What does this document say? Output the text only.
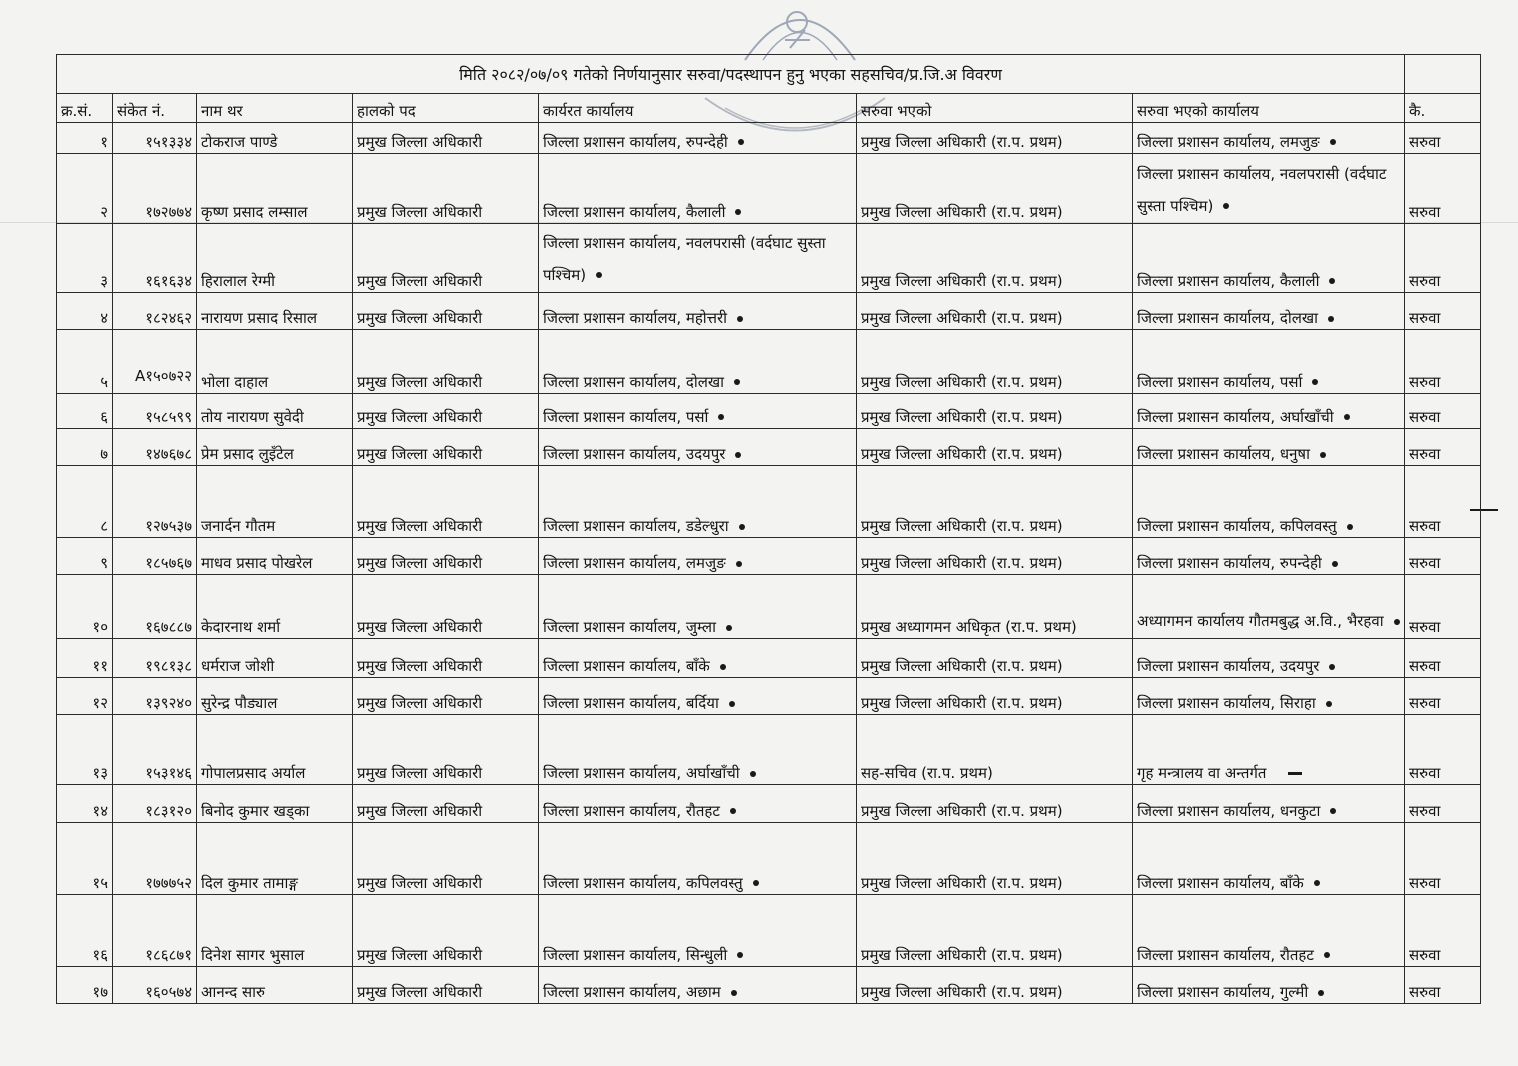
मिति २०८२/०७/०९ गतेको निर्णयानुसार सरुवा/पदस्थापन हुनु भएका सहसचिव/प्र.जि.अ विवरण							
क्र.सं.	संकेत नं.	नाम थर	हालको पद	कार्यरत कार्यालय	सरुवा भएको	सरुवा भएको कार्यालय	कै.
१	१५१३३४	टोकराज पाण्डे	प्रमुख जिल्ला अधिकारी	जिल्ला प्रशासन कार्यालय, रुपन्देही	प्रमुख जिल्ला अधिकारी (रा.प. प्रथम)	जिल्ला प्रशासन कार्यालय, लमजुङ	सरुवा
२	१७२७७४	कृष्ण प्रसाद लम्साल	प्रमुख जिल्ला अधिकारी	जिल्ला प्रशासन कार्यालय, कैलाली	प्रमुख जिल्ला अधिकारी (रा.प. प्रथम)	जिल्ला प्रशासन कार्यालय, नवलपरासी (वर्दघाट सुस्ता पश्चिम)	सरुवा
३	१६१६३४	हिरालाल रेग्मी	प्रमुख जिल्ला अधिकारी	जिल्ला प्रशासन कार्यालय, नवलपरासी (वर्दघाट सुस्ता पश्चिम)	प्रमुख जिल्ला अधिकारी (रा.प. प्रथम)	जिल्ला प्रशासन कार्यालय, कैलाली	सरुवा
४	१८२४६२	नारायण प्रसाद रिसाल	प्रमुख जिल्ला अधिकारी	जिल्ला प्रशासन कार्यालय, महोत्तरी	प्रमुख जिल्ला अधिकारी (रा.प. प्रथम)	जिल्ला प्रशासन कार्यालय, दोलखा	सरुवा
५	A१५०७२२	भोला दाहाल	प्रमुख जिल्ला अधिकारी	जिल्ला प्रशासन कार्यालय, दोलखा	प्रमुख जिल्ला अधिकारी (रा.प. प्रथम)	जिल्ला प्रशासन कार्यालय, पर्सा	सरुवा
६	१५८५९९	तोय नारायण सुवेदी	प्रमुख जिल्ला अधिकारी	जिल्ला प्रशासन कार्यालय, पर्सा	प्रमुख जिल्ला अधिकारी (रा.प. प्रथम)	जिल्ला प्रशासन कार्यालय, अर्घाखाँची	सरुवा
७	१४७६७८	प्रेम प्रसाद लुइँटेल	प्रमुख जिल्ला अधिकारी	जिल्ला प्रशासन कार्यालय, उदयपुर	प्रमुख जिल्ला अधिकारी (रा.प. प्रथम)	जिल्ला प्रशासन कार्यालय, धनुषा	सरुवा
८	१२७५३७	जनार्दन गौतम	प्रमुख जिल्ला अधिकारी	जिल्ला प्रशासन कार्यालय, डडेल्धुरा	प्रमुख जिल्ला अधिकारी (रा.प. प्रथम)	जिल्ला प्रशासन कार्यालय, कपिलवस्तु	सरुवा
९	१८५७६७	माधव प्रसाद पोखरेल	प्रमुख जिल्ला अधिकारी	जिल्ला प्रशासन कार्यालय, लमजुङ	प्रमुख जिल्ला अधिकारी (रा.प. प्रथम)	जिल्ला प्रशासन कार्यालय, रुपन्देही	सरुवा
१०	१६७८८७	केदारनाथ शर्मा	प्रमुख जिल्ला अधिकारी	जिल्ला प्रशासन कार्यालय, जुम्ला	प्रमुख अध्यागमन अधिकृत (रा.प. प्रथम)	अध्यागमन कार्यालय गौतमबुद्ध अ.वि., भैरहवा	सरुवा
११	१९८१३८	धर्मराज जोशी	प्रमुख जिल्ला अधिकारी	जिल्ला प्रशासन कार्यालय, बाँके	प्रमुख जिल्ला अधिकारी (रा.प. प्रथम)	जिल्ला प्रशासन कार्यालय, उदयपुर	सरुवा
१२	१३९२४०	सुरेन्द्र पौड्याल	प्रमुख जिल्ला अधिकारी	जिल्ला प्रशासन कार्यालय, बर्दिया	प्रमुख जिल्ला अधिकारी (रा.प. प्रथम)	जिल्ला प्रशासन कार्यालय, सिराहा	सरुवा
१३	१५३१४६	गोपालप्रसाद अर्याल	प्रमुख जिल्ला अधिकारी	जिल्ला प्रशासन कार्यालय, अर्घाखाँची	सह-सचिव (रा.प. प्रथम)	गृह मन्त्रालय वा अन्तर्गत	सरुवा
१४	१८३१२०	बिनोद कुमार खड्का	प्रमुख जिल्ला अधिकारी	जिल्ला प्रशासन कार्यालय, रौतहट	प्रमुख जिल्ला अधिकारी (रा.प. प्रथम)	जिल्ला प्रशासन कार्यालय, धनकुटा	सरुवा
१५	१७७७५२	दिल कुमार तामाङ्ग	प्रमुख जिल्ला अधिकारी	जिल्ला प्रशासन कार्यालय, कपिलवस्तु	प्रमुख जिल्ला अधिकारी (रा.प. प्रथम)	जिल्ला प्रशासन कार्यालय, बाँके	सरुवा
१६	१८६८७१	दिनेश सागर भुसाल	प्रमुख जिल्ला अधिकारी	जिल्ला प्रशासन कार्यालय, सिन्धुली	प्रमुख जिल्ला अधिकारी (रा.प. प्रथम)	जिल्ला प्रशासन कार्यालय, रौतहट	सरुवा
१७	१६०५७४	आनन्द सारु	प्रमुख जिल्ला अधिकारी	जिल्ला प्रशासन कार्यालय, अछाम	प्रमुख जिल्ला अधिकारी (रा.प. प्रथम)	जिल्ला प्रशासन कार्यालय, गुल्मी	सरुवा
